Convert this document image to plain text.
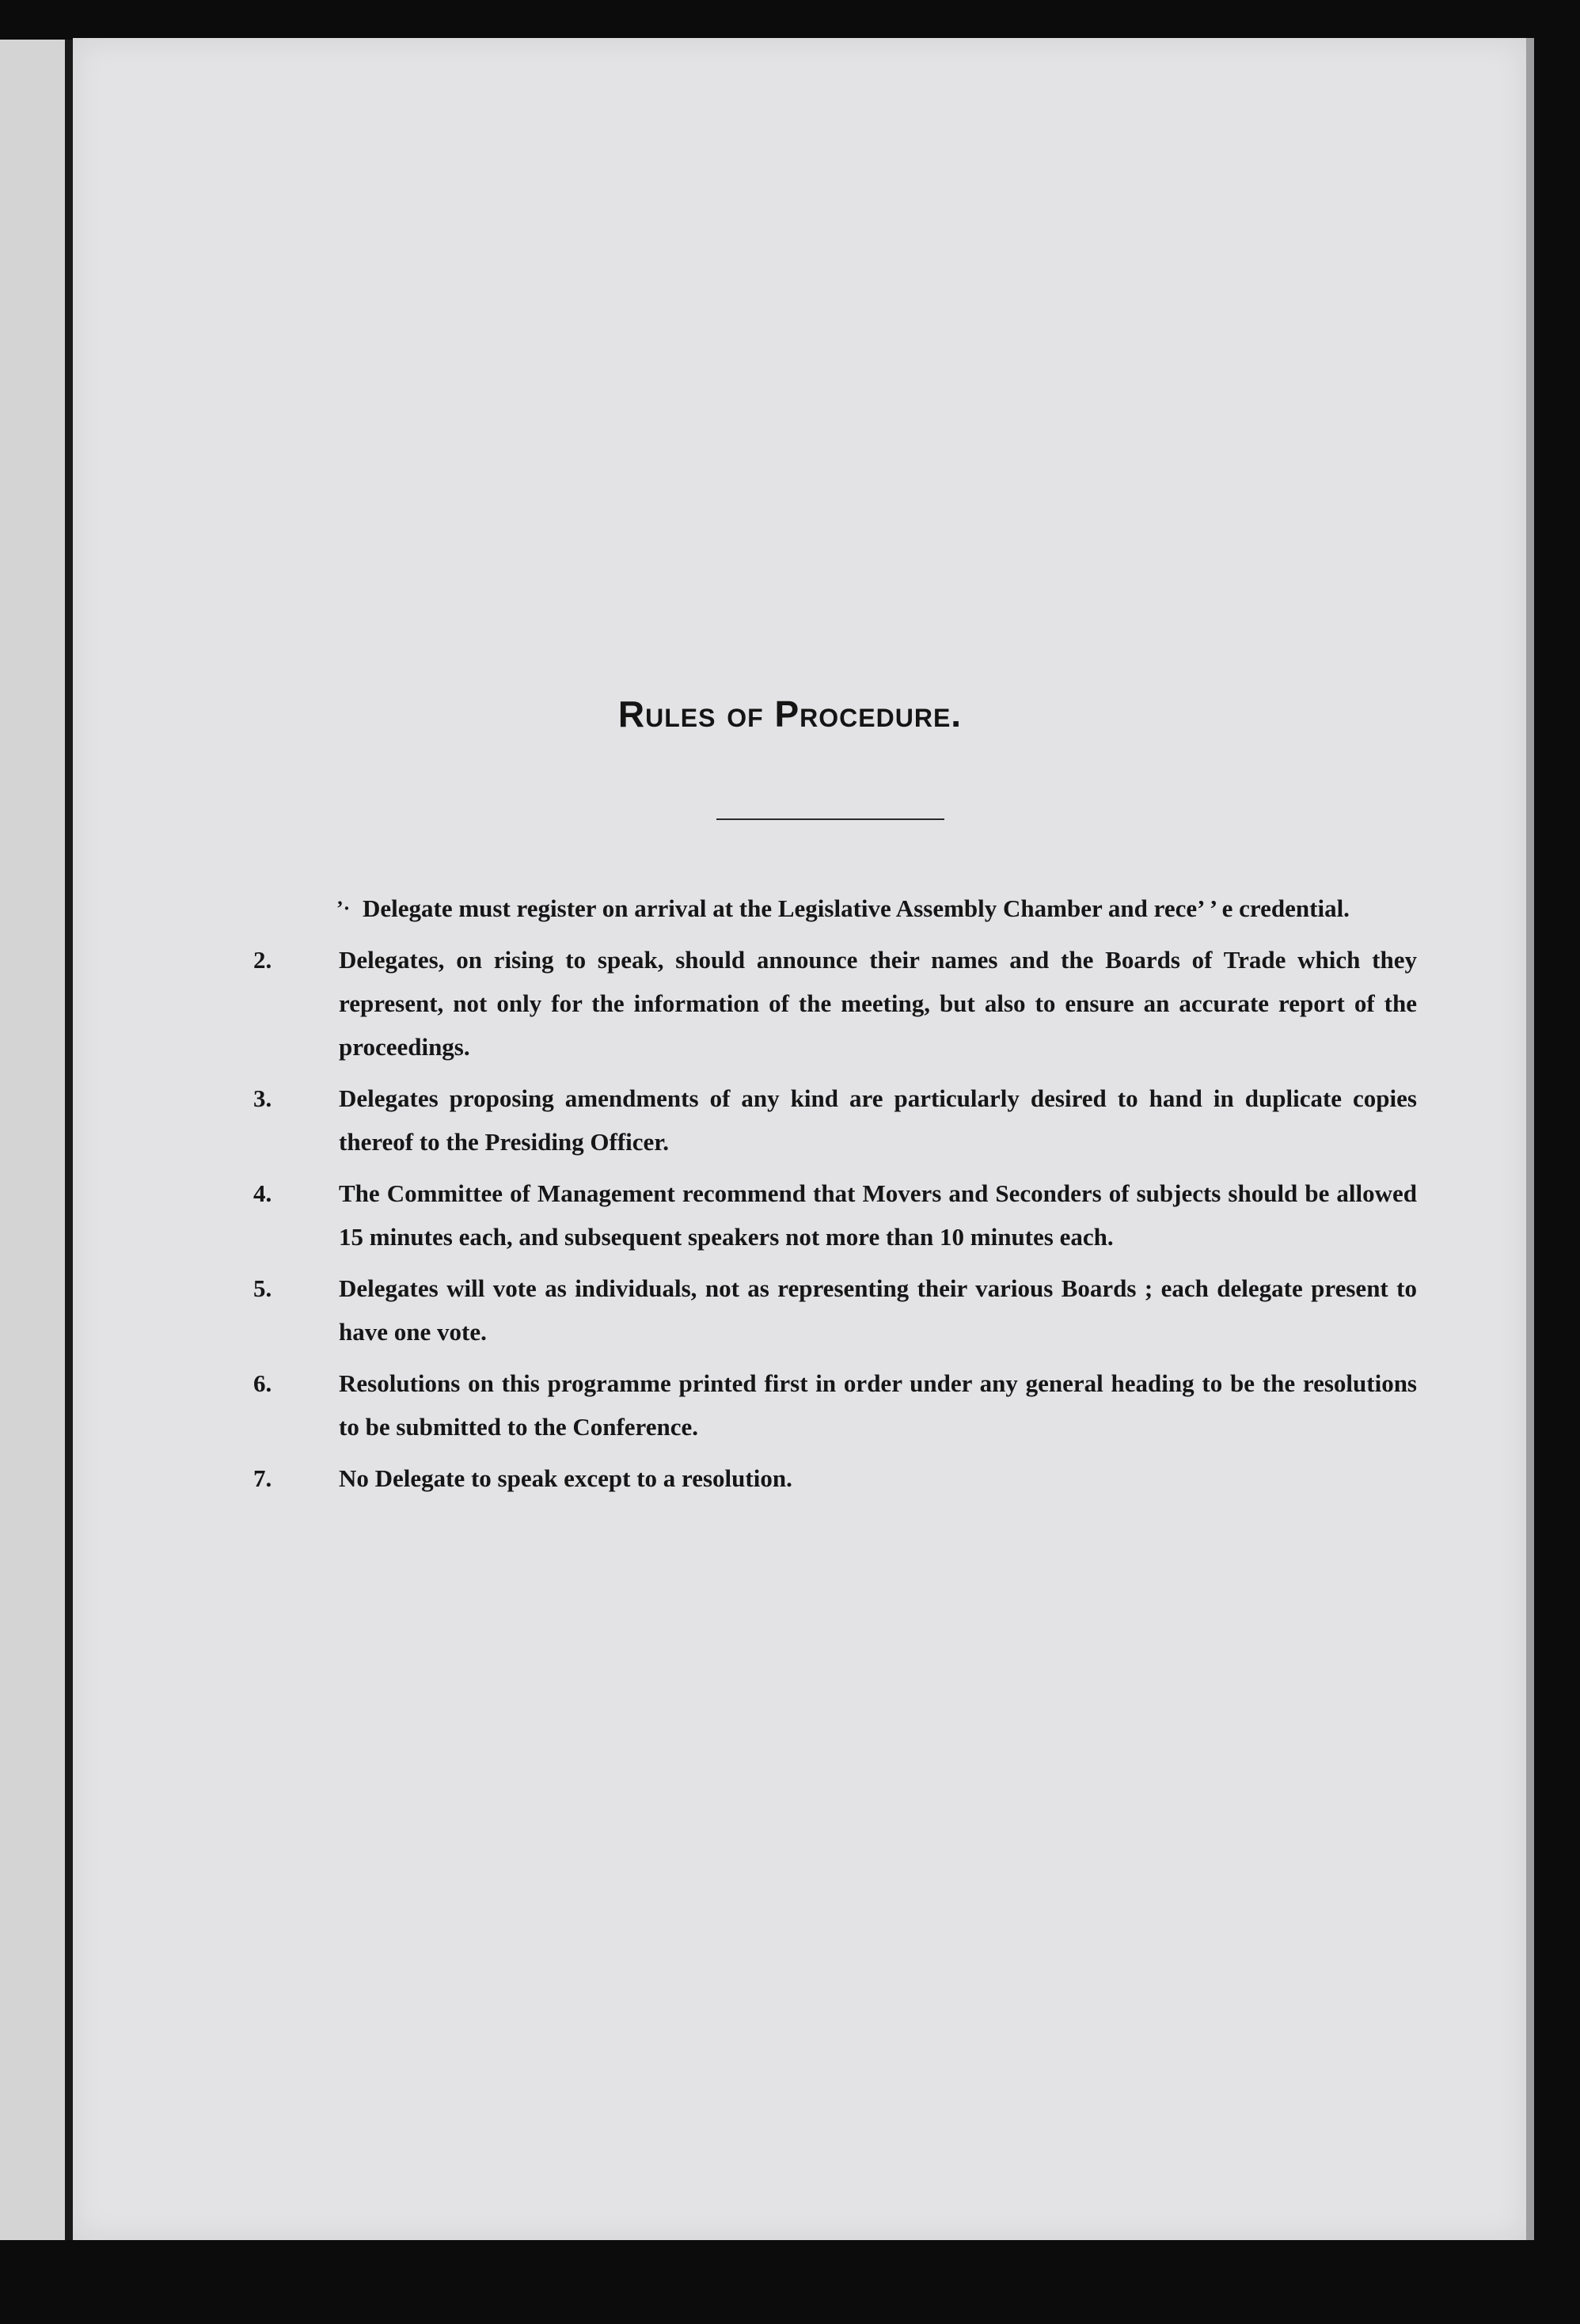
Rules of Procedure.
ʼ· Delegate must register on arrival at the Legislative Assembly Chamber and rece’ ’ e credential.
2.	Delegates, on rising to speak, should announce their names and the Boards of Trade which they represent, not only for the information of the meeting, but also to ensure an accurate report of the proceedings.
3.	Delegates proposing amendments of any kind are particularly desired to hand in duplicate copies thereof to the Presiding Officer.
4.	The Committee of Management recommend that Movers and Seconders of subjects should be allowed 15 minutes each, and subsequent speakers not more than 10 minutes each.
5.	Delegates will vote as individuals, not as representing their various Boards ; each delegate present to have one vote.
6.	Resolutions on this programme printed first in order under any general heading to be the resolutions to be submitted to the Conference.
7.	No Delegate to speak except to a resolution.
